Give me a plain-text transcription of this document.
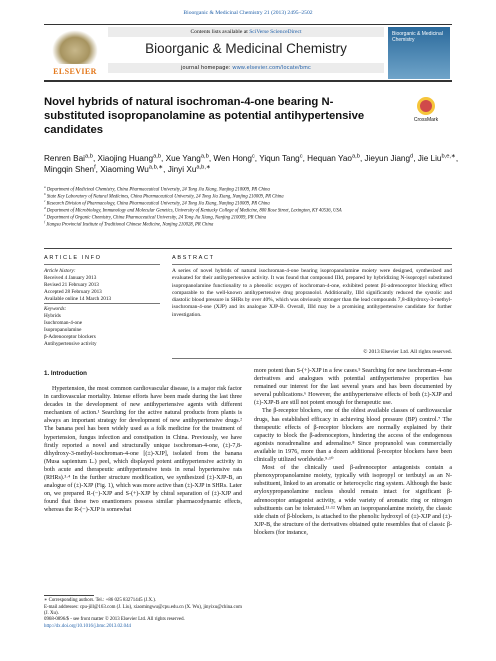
Bioorganic & Medicinal Chemistry 21 (2013) 2495–2502
ELSEVIER
Contents lists available at SciVerse ScienceDirect
Bioorganic & Medicinal Chemistry
journal homepage: www.elsevier.com/locate/bmc
Bioorganic & Medicinal Chemistry
Novel hybrids of natural isochroman-4-one bearing N-substituted isopropanolamine as potential antihypertensive candidates
CrossMark
Renren Bai$^{a,b}$, Xiaojing Huang$^{a,b}$, Xue Yang$^{a,b}$, Wen Hong$^c$, Yiqun Tang$^c$, Hequan Yao$^{a,b}$, Jieyun Jiang$^d$, Jie Liu$^{b,e,∗}$, Mingqin Shen$^f$, Xiaoming $Wu^{a,b,∗}$, Jinyi $Xu^{a,b,∗}$
$^a$ Department of Medicinal Chemistry, China Pharmaceutical University, 24 Tong Jia Xiang, Nanjing 210009, PR China
$^b$ State Key Laboratory of Natural Medicines, China Pharmaceutical University, 24 Tong Jia Xiang, Nanjing 210009, PR China
$^c$ Research Division of Pharmacology, China Pharmaceutical University, 24 Tong Jia Xiang, Nanjing 210009, PR China
$^d$ Department of Microbiology, Immunology and Molecular Genetics, University of Kentucky College of Medicine, 800 Rose Street, Lexington, KY 40536, USA
$^e$ Department of Organic Chemistry, China Pharmaceutical University, 24 Tong Jia Xiang, Nanjing 210009, PR China
$^f$ Jiangsu Provincial Institute of Traditional Chinese Medicine, Nanjing 210028, PR China
ARTICLE INFO	ABSTRACT
Article history:
Received 4 January 2013
Revised 21 February 2013
Accepted 28 February 2013
Available online 14 March 2013
Keywords:
Hybrids
Isochroman-4-one
Isopropanolamine
β-Adrenoceptor blockers
Antihypertensive activity
A series of novel hybrids of natural isochroman-4-one bearing isopropanolamine moiety were designed, synthesized and evaluated for their antihypertensive activity. It was found that compound IIId, prepared by hybridizing N-isopropyl substituted isopropanolamine functionality to a phenolic oxygen of isochroman-4-one, exhibited potent β1-adrenoceptor blocking effect comparable to the well-known antihypertensive drug propranolol. Additionally, IIId significantly reduced the systolic and diastolic blood pressure in SHRs by over 40%, which was obviously stronger than the lead compounds 7,8-dihydroxy-3-methyl-isochroman-4-one (XJP) and its analogue XJP-B. Overall, IIId may be a promising antihypertensive candidate for further investigation.
© 2013 Elsevier Ltd. All rights reserved.
1. Introduction

Hypertension, the most common cardiovascular disease, is a major risk factor in cardiovascular mortality. Intense efforts have been made during the last three decades in the development of new antihypertensive agents with different mechanism of action.¹ Searching for the active natural products from plants is always an important strategy for development of new antihypertensive drugs.² The banana peel has been widely used as a folk medicine for the treatment of hypertension, fungus infection and constipation in China. Previously, we have firstly reported a novel and structurally unique isochroman-4-one, (±)-7,8-dihydroxy-3-methyl-isochroman-4-one [(±)-XJP], isolated from the banana (Musa sapientum L.) peel, which displayed potent antihypertensive activity in both acute and therapeutic antihypertensive tests in renal hypertensive rats (RHRs).³·⁴ In the further structure modification, we synthesized (±)-XJP-B, an analogue of (±)-XJP (Fig. 1), which was more active than (±)-XJP in SHRs. Later on, we prepared R-(−)-XJP and S-(+)-XJP by chiral separation of (±)-XJP and found that these two enantiomers possess similar pharmacodynamic effects, whereas the R-(−)-XJP is somewhat

more potent than S-(+)-XJP in a few cases.⁵ Searching for new isochroman-4-one derivatives and analogues with potential antihypertensive properties has remained our interest for the last several years and has been documented by several publications.⁶ However, the antihypertensive effects of both (±)-XJP and (±)-XJP-B are still not potent enough for therapeutic use.

The β-receptor blockers, one of the oldest available classes of cardiovascular drugs, has established efficacy in achieving blood pressure (BP) control.⁷ The therapeutic effects of β-receptor blockers are normally explained by their capacity to block the β-adrenoceptors, hindering the access of the endogenous agonists noradrenaline and adrenaline.⁸ Since propranolol was commercially available in 1976, more than a dozen additional β-receptor blockers have been clinically utilized worldwide.⁹·¹⁰

Most of the clinically used β-adrenoceptor antagonists contain a phenoxypropanolamine moiety, typically with isopropyl or tertbutyl as an N-substituent, linked to an aromatic or heterocyclic ring system. Although the basic aryloxypropanolamine nucleus should remain intact for significant β-adrenoceptor antagonist activity, a wide variety of aromatic ring or nitrogen substituents can be tolerated.¹¹·¹² When an isopropanolamine moiety, the classic side chain of β-blockers, is attached to the phenolic hydroxyl of (±)-XJP and (±)-XJP-B, the structure of the derivatives obtained quite resembles that of classic β-blockers (for instance,

∗ Corresponding authors. Tel.: +86 025 83271445 (J.X.).
E-mail addresses: cpu-jill@163.com (J. Liu), xiaomingwu@cpu.edu.cn (X. Wu), jinyixu@china.com (J. Xu).
0968-0896/$ - see front matter © 2013 Elsevier Ltd. All rights reserved.
http://dx.doi.org/10.1016/j.bmc.2013.02.044
